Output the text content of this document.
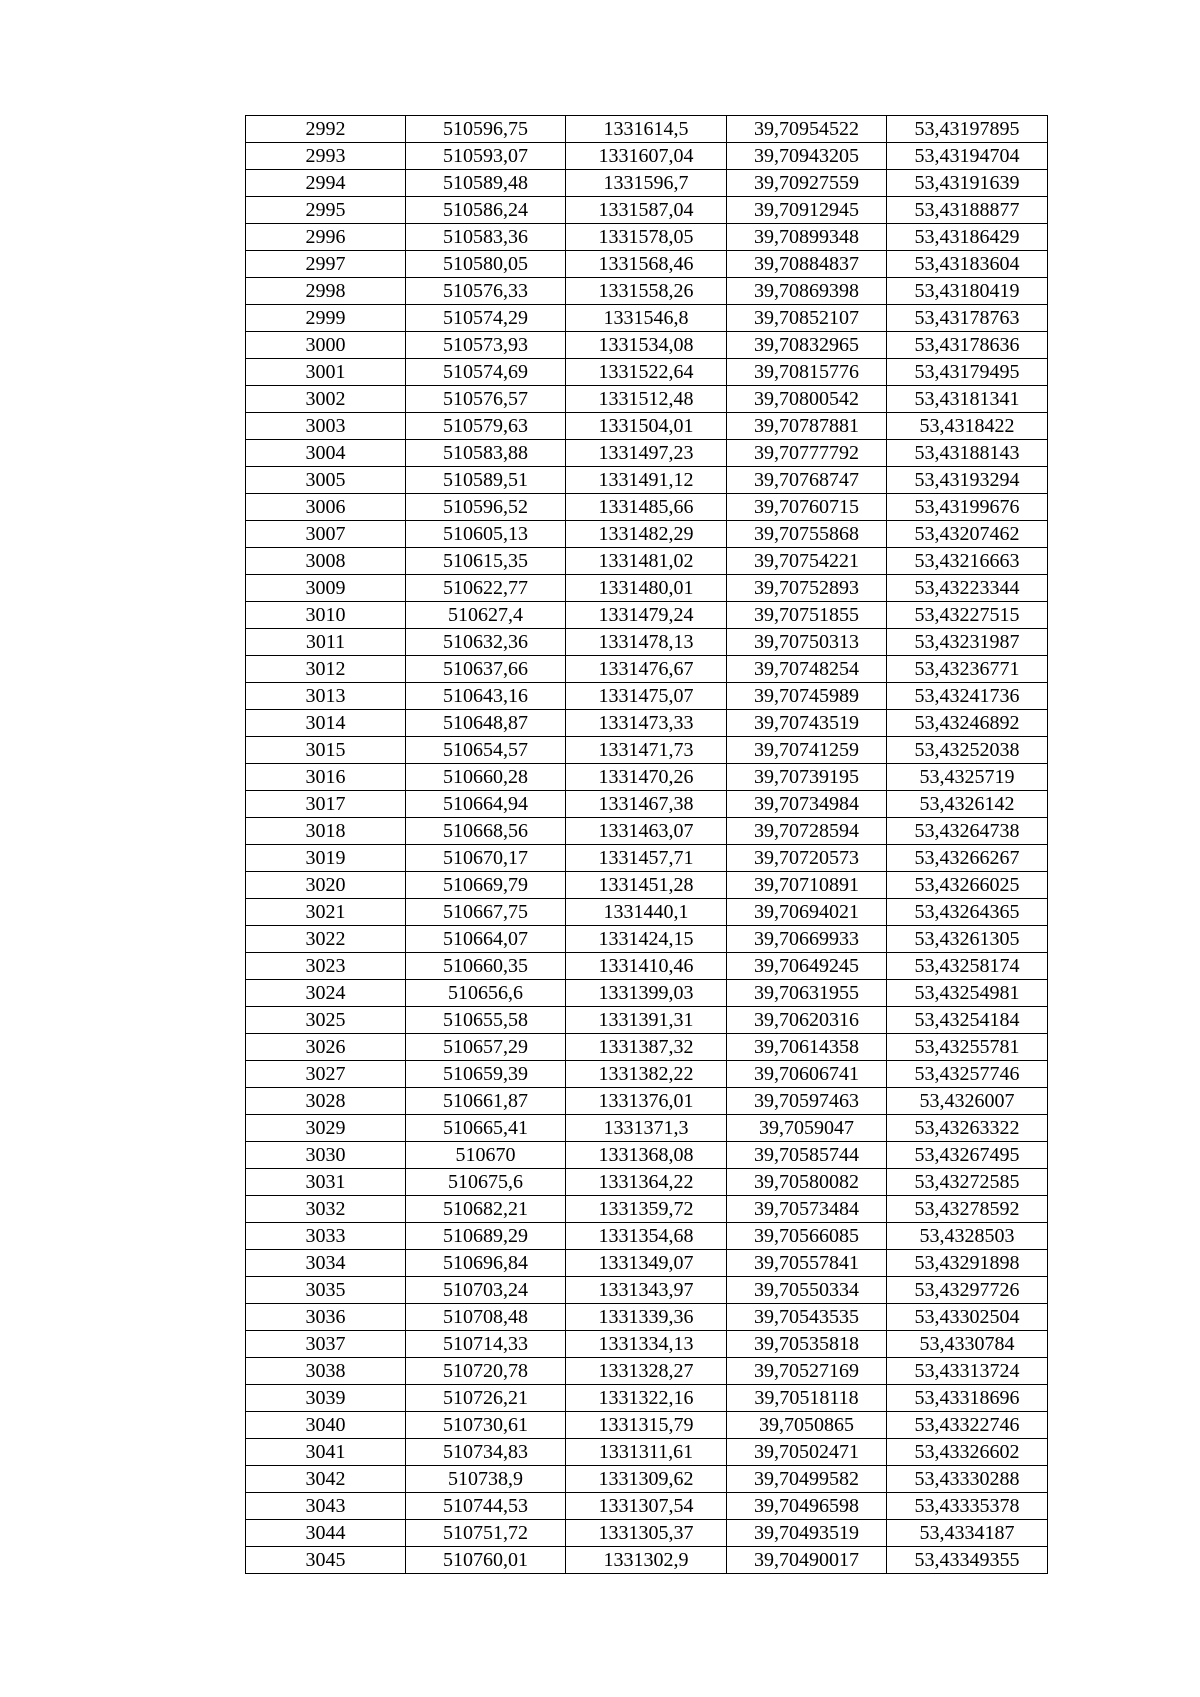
2992	510596,75	1331614,5	39,70954522	53,43197895
2993	510593,07	1331607,04	39,70943205	53,43194704
2994	510589,48	1331596,7	39,70927559	53,43191639
2995	510586,24	1331587,04	39,70912945	53,43188877
2996	510583,36	1331578,05	39,70899348	53,43186429
2997	510580,05	1331568,46	39,70884837	53,43183604
2998	510576,33	1331558,26	39,70869398	53,43180419
2999	510574,29	1331546,8	39,70852107	53,43178763
3000	510573,93	1331534,08	39,70832965	53,43178636
3001	510574,69	1331522,64	39,70815776	53,43179495
3002	510576,57	1331512,48	39,70800542	53,43181341
3003	510579,63	1331504,01	39,70787881	53,4318422
3004	510583,88	1331497,23	39,70777792	53,43188143
3005	510589,51	1331491,12	39,70768747	53,43193294
3006	510596,52	1331485,66	39,70760715	53,43199676
3007	510605,13	1331482,29	39,70755868	53,43207462
3008	510615,35	1331481,02	39,70754221	53,43216663
3009	510622,77	1331480,01	39,70752893	53,43223344
3010	510627,4	1331479,24	39,70751855	53,43227515
3011	510632,36	1331478,13	39,70750313	53,43231987
3012	510637,66	1331476,67	39,70748254	53,43236771
3013	510643,16	1331475,07	39,70745989	53,43241736
3014	510648,87	1331473,33	39,70743519	53,43246892
3015	510654,57	1331471,73	39,70741259	53,43252038
3016	510660,28	1331470,26	39,70739195	53,4325719
3017	510664,94	1331467,38	39,70734984	53,4326142
3018	510668,56	1331463,07	39,70728594	53,43264738
3019	510670,17	1331457,71	39,70720573	53,43266267
3020	510669,79	1331451,28	39,70710891	53,43266025
3021	510667,75	1331440,1	39,70694021	53,43264365
3022	510664,07	1331424,15	39,70669933	53,43261305
3023	510660,35	1331410,46	39,70649245	53,43258174
3024	510656,6	1331399,03	39,70631955	53,43254981
3025	510655,58	1331391,31	39,70620316	53,43254184
3026	510657,29	1331387,32	39,70614358	53,43255781
3027	510659,39	1331382,22	39,70606741	53,43257746
3028	510661,87	1331376,01	39,70597463	53,4326007
3029	510665,41	1331371,3	39,7059047	53,43263322
3030	510670	1331368,08	39,70585744	53,43267495
3031	510675,6	1331364,22	39,70580082	53,43272585
3032	510682,21	1331359,72	39,70573484	53,43278592
3033	510689,29	1331354,68	39,70566085	53,4328503
3034	510696,84	1331349,07	39,70557841	53,43291898
3035	510703,24	1331343,97	39,70550334	53,43297726
3036	510708,48	1331339,36	39,70543535	53,43302504
3037	510714,33	1331334,13	39,70535818	53,4330784
3038	510720,78	1331328,27	39,70527169	53,43313724
3039	510726,21	1331322,16	39,70518118	53,43318696
3040	510730,61	1331315,79	39,7050865	53,43322746
3041	510734,83	1331311,61	39,70502471	53,43326602
3042	510738,9	1331309,62	39,70499582	53,43330288
3043	510744,53	1331307,54	39,70496598	53,43335378
3044	510751,72	1331305,37	39,70493519	53,4334187
3045	510760,01	1331302,9	39,70490017	53,43349355
